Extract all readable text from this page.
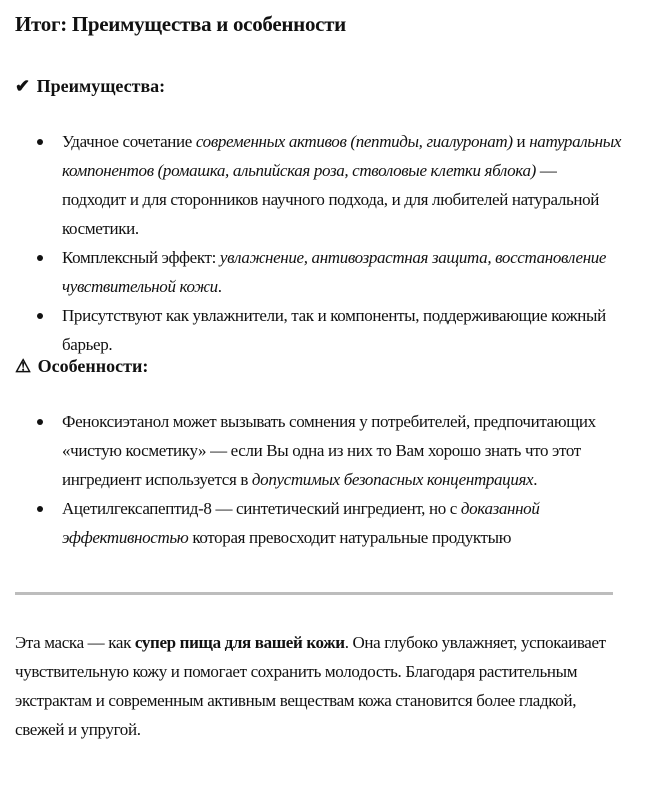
Итог: Преимущества и особенности
✔ Преимущества:
Удачное сочетание современных активов (пептиды, гиалуронат) и натуральных компонентов (ромашка, альпийская роза, стволовые клетки яблока) — подходит и для сторонников научного подхода, и для любителей натуральной косметики.
Комплексный эффект: увлажнение, антивозрастная защита, восстановление чувствительной кожи.
Присутствуют как увлажнители, так и компоненты, поддерживающие кожный барьер.
⚠ Особенности:
Феноксиэтанол может вызывать сомнения у потребителей, предпочитающих «чистую косметику» — если Вы одна из них то Вам хорошо знать что этот ингредиент используется в допустимых безопасных концентрациях.
Ацетилгексапептид-8 — синтетический ингредиент, но с доказанной эффективностью которая превосходит натуральные продуктыю

Эта маска — как супер пища для вашей кожи. Она глубоко увлажняет, успокаивает чувствительную кожу и помогает сохранить молодость. Благодаря растительным экстрактам и современным активным веществам кожа становится более гладкой, свежей и упругой.
